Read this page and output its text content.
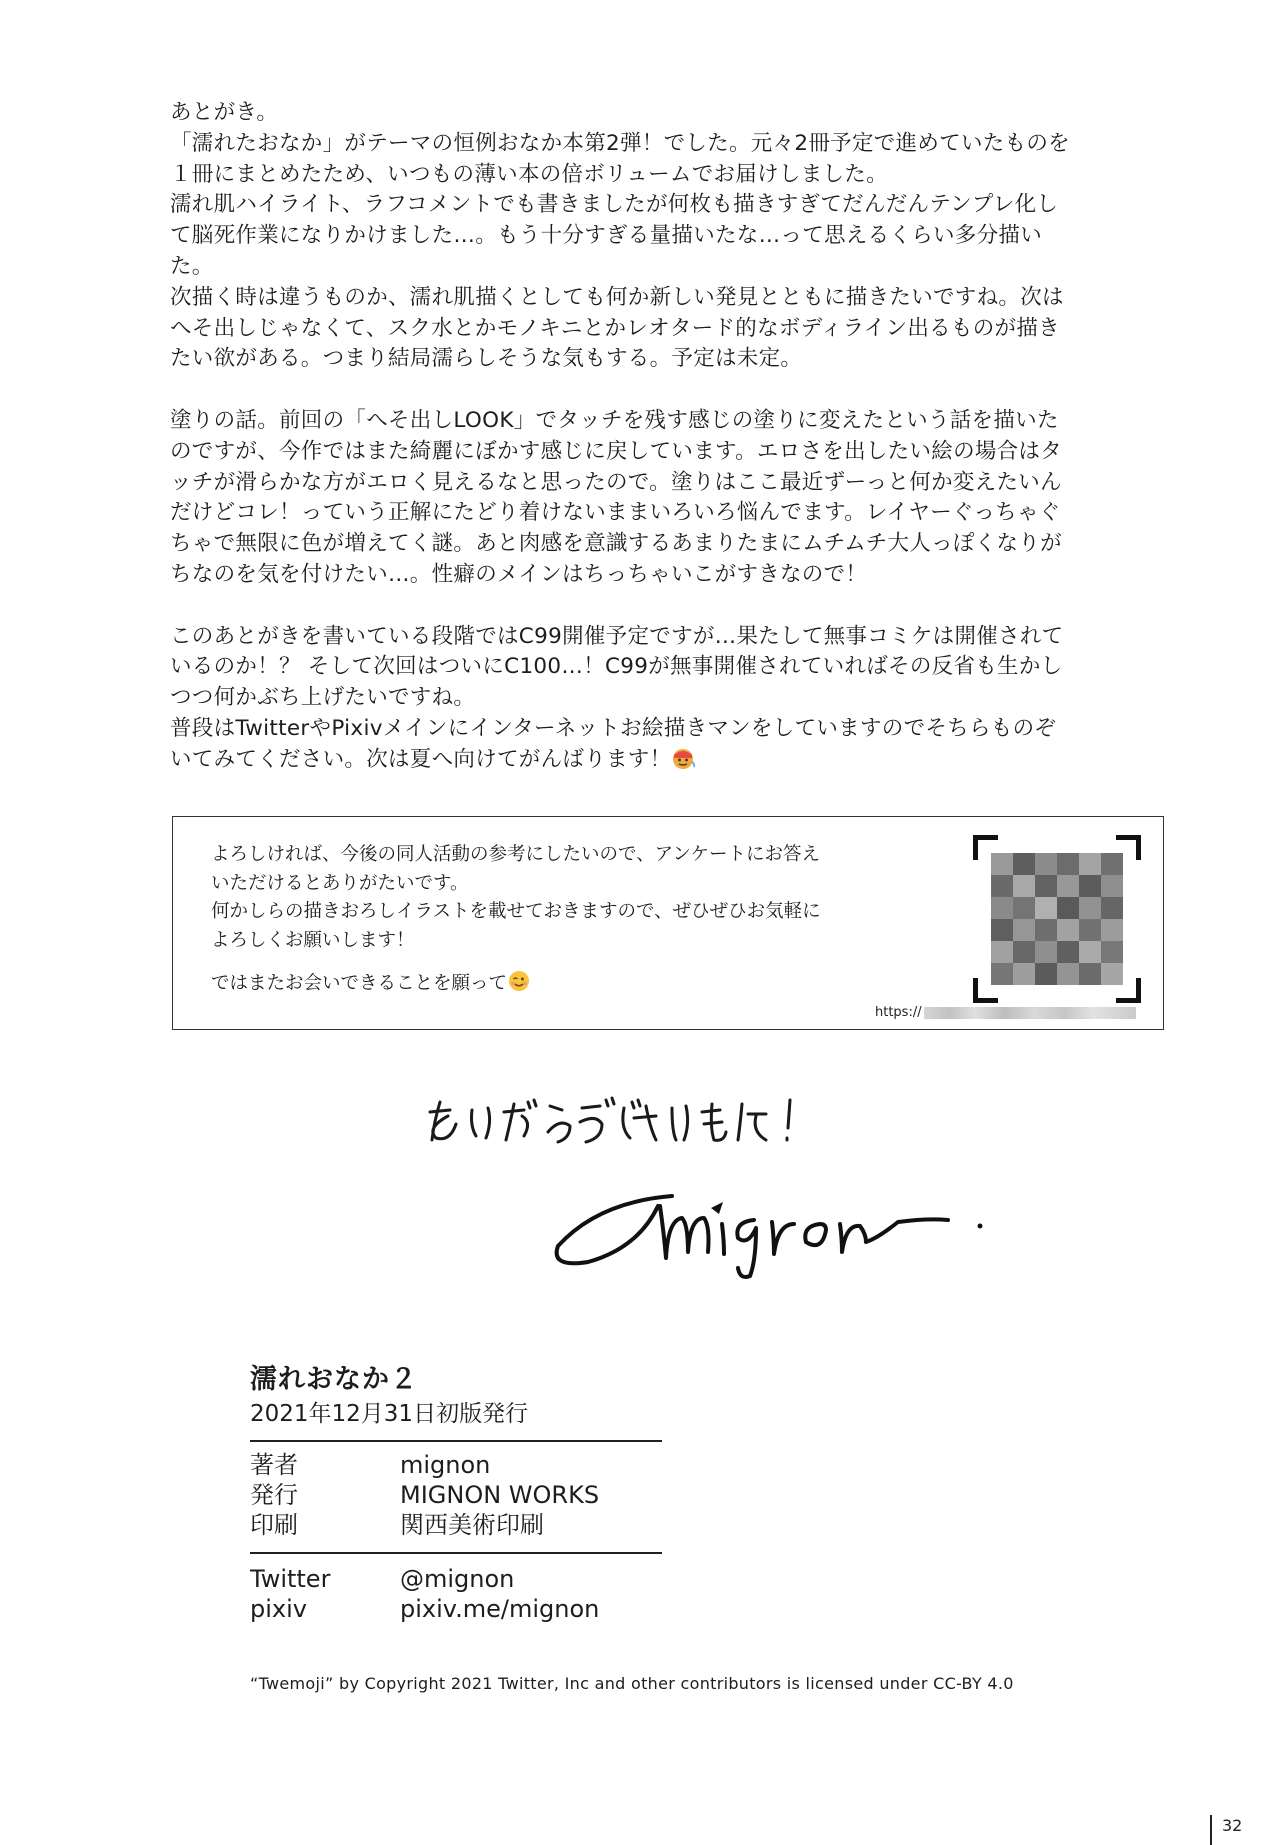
あとがき。

「濡れたおなか」がテーマの恒例おなか本第2弾！でした。元々2冊予定で進めていたものを

１冊にまとめたため、いつもの薄い本の倍ボリュームでお届けしました。

濡れ肌ハイライト、ラフコメントでも書きましたが何枚も描きすぎてだんだんテンプレ化し

て脳死作業になりかけました…。もう十分すぎる量描いたな…って思えるくらい多分描い

た。

次描く時は違うものか、濡れ肌描くとしても何か新しい発見とともに描きたいですね。次は

へそ出しじゃなくて、スク水とかモノキニとかレオタード的なボディライン出るものが描き

たい欲がある。つまり結局濡らしそうな気もする。予定は未定。

塗りの話。前回の「へそ出しLOOK」でタッチを残す感じの塗りに変えたという話を描いた

のですが、今作ではまた綺麗にぼかす感じに戻しています。エロさを出したい絵の場合はタ

ッチが滑らかな方がエロく見えるなと思ったので。塗りはここ最近ずーっと何か変えたいん

だけどコレ！っていう正解にたどり着けないままいろいろ悩んでます。レイヤーぐっちゃぐ

ちゃで無限に色が増えてく謎。あと肉感を意識するあまりたまにムチムチ大人っぽくなりが

ちなのを気を付けたい…。性癖のメインはちっちゃいこがすきなので！

このあとがきを書いている段階ではC99開催予定ですが…果たして無事コミケは開催されて

いるのか！？ そして次回はついにC100…！C99が無事開催されていればその反省も生かし

つつ何かぶち上げたいですね。

普段はTwitterやPixivメインにインターネットお絵描きマンをしていますのでそちらものぞ

いてみてください。次は夏へ向けてがんばります！

よろしければ、今後の同人活動の参考にしたいので、アンケートにお答え

いただけるとありがたいです。

何かしらの描きおろしイラストを載せておきますので、ぜひぜひお気軽に

よろしくお願いします！

ではまたお会いできることを願って

https://
濡れおなか２
2021年12月31日初版発行
著者	mignon
発行	MIGNON WORKS
印刷	関西美術印刷
Twitter	@mignon
pixiv	pixiv.me/mignon
“Twemoji” by Copyright 2021 Twitter, Inc and other contributors is licensed under CC-BY 4.0
32
